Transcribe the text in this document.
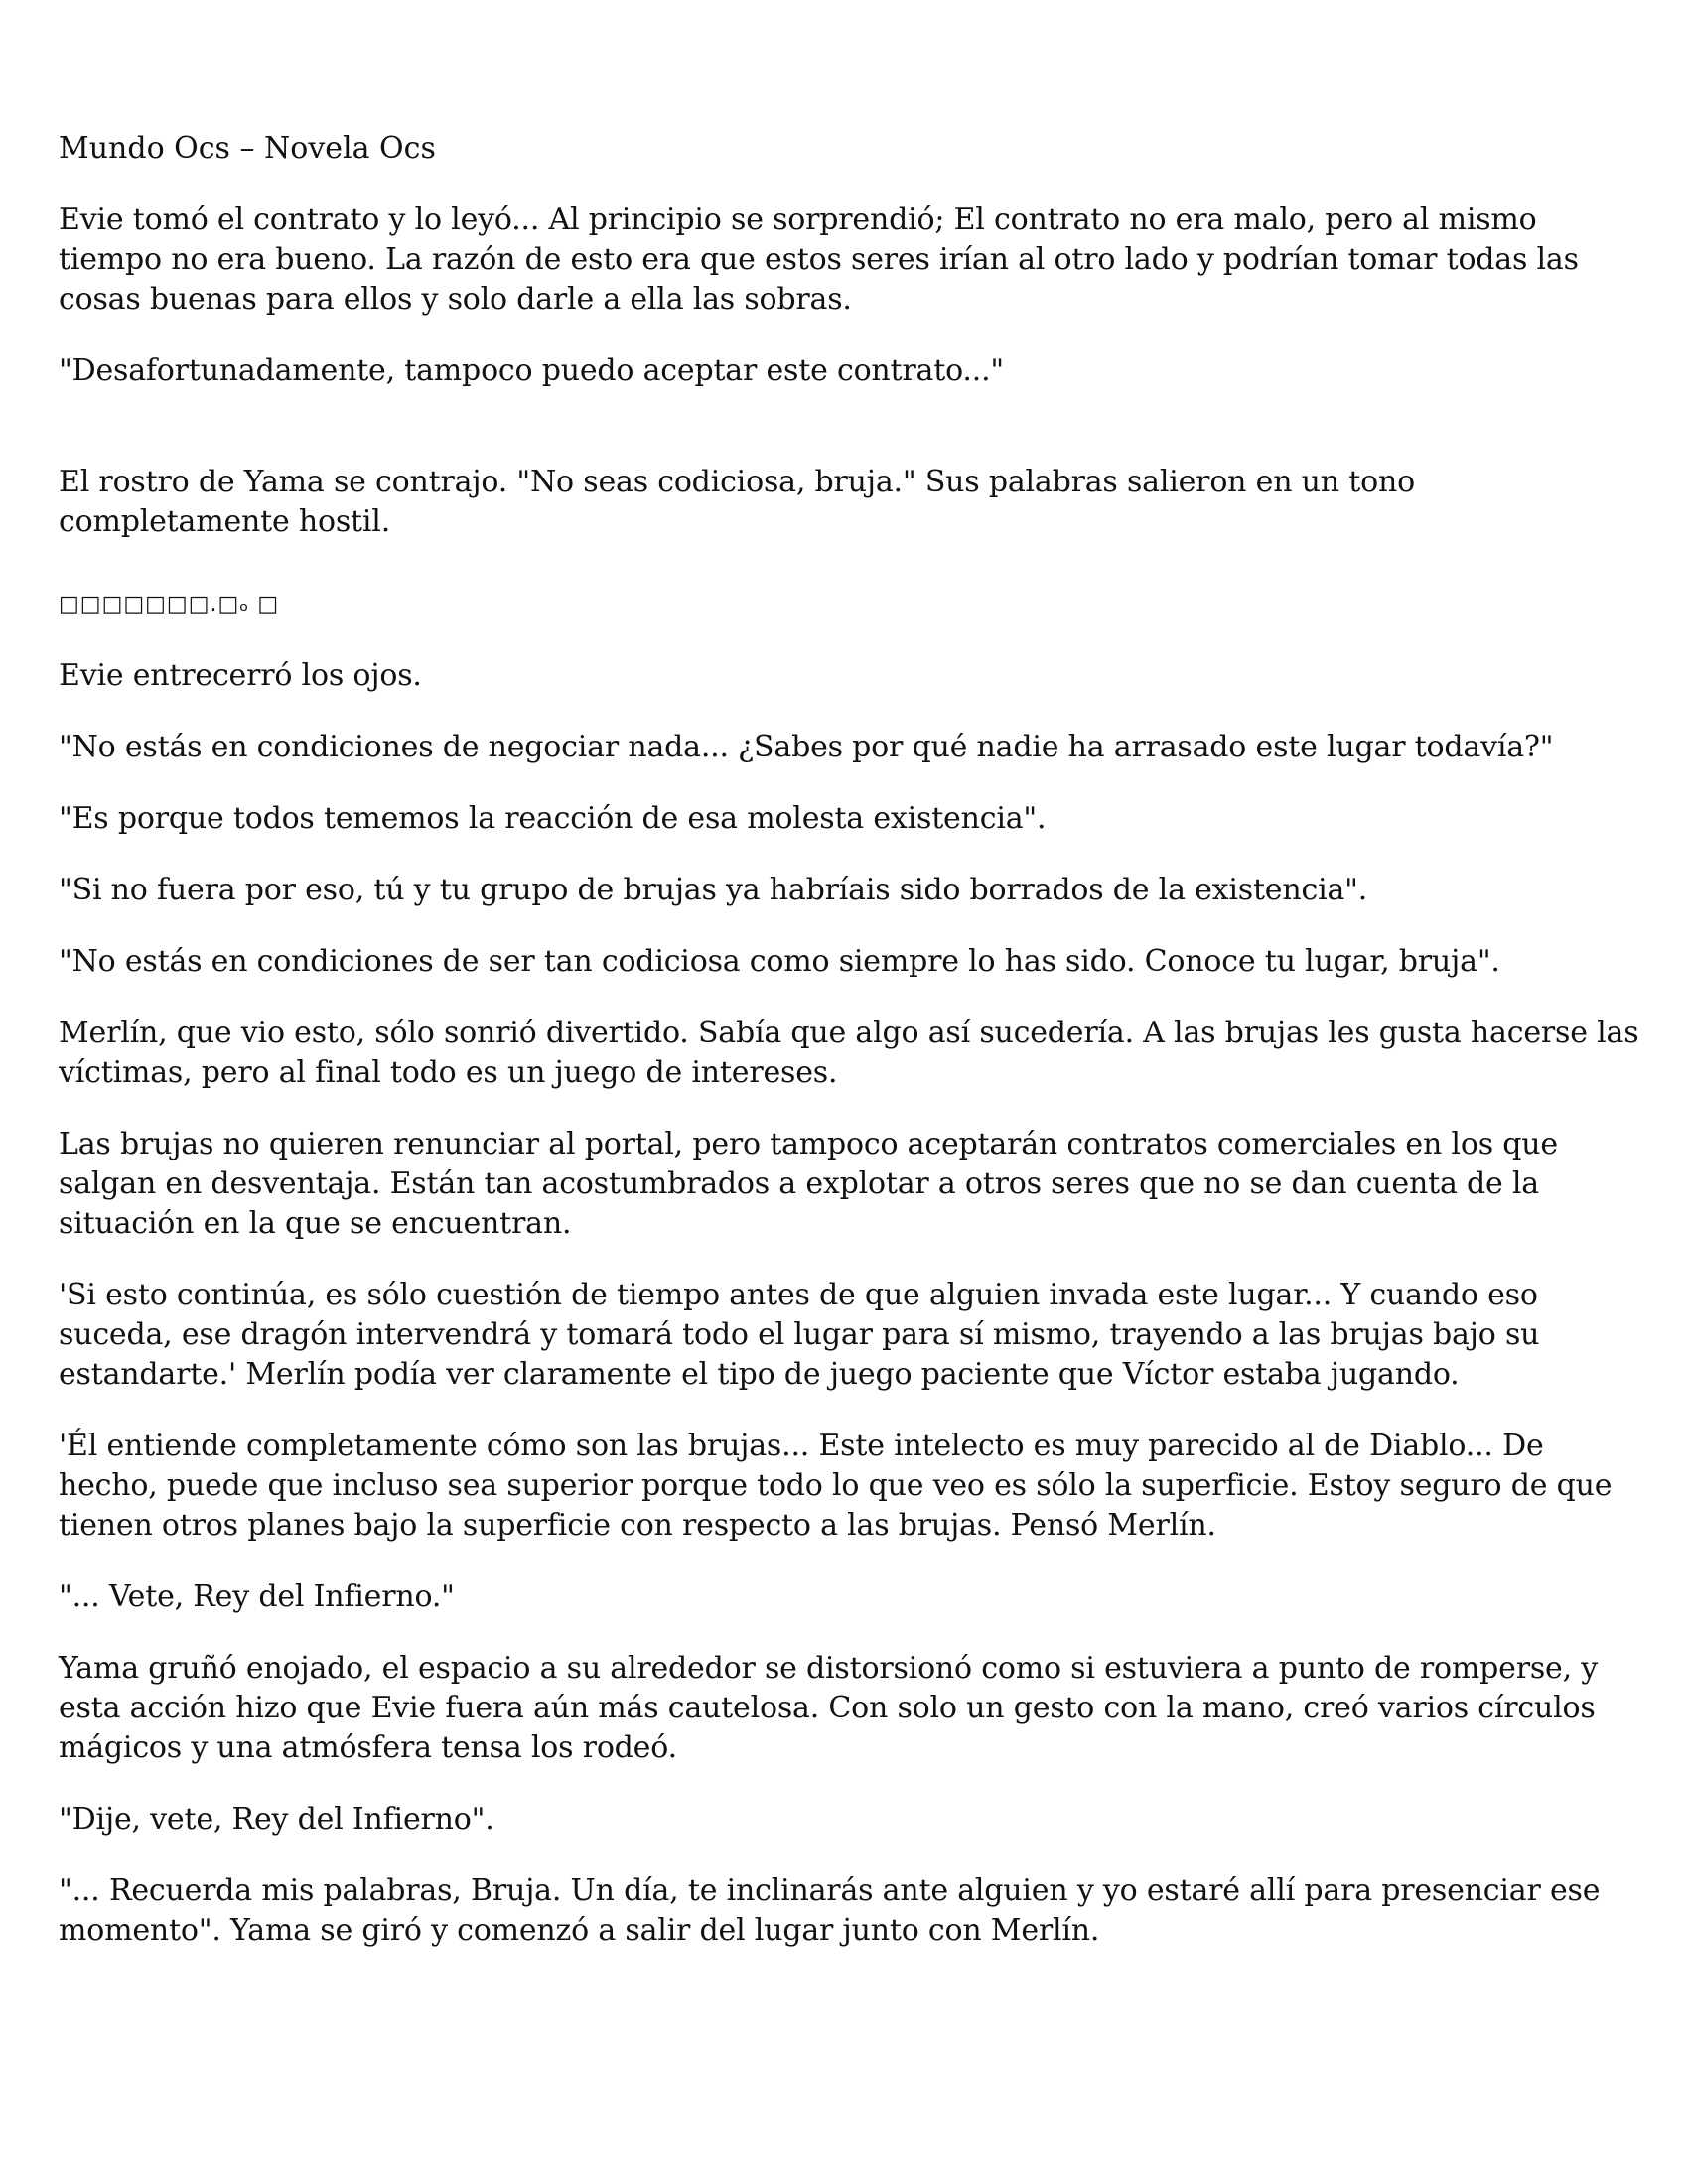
Mundo Ocs – Novela Ocs

Evie tomó el contrato y lo leyó... Al principio se sorprendió; El contrato no era malo, pero al mismo tiempo no era bueno. La razón de esto era que estos seres irían al otro lado y podrían tomar todas las cosas buenas para ellos y solo darle a ella las sobras.

"Desafortunadamente, tampoco puedo aceptar este contrato..."

El rostro de Yama se contrajo. "No seas codiciosa, bruja." Sus palabras salieron en un tono completamente hostil.

□□□□□□□.□ₒ □

Evie entrecerró los ojos.

"No estás en condiciones de negociar nada... ¿Sabes por qué nadie ha arrasado este lugar todavía?"

"Es porque todos tememos la reacción de esa molesta existencia".

"Si no fuera por eso, tú y tu grupo de brujas ya habríais sido borrados de la existencia".

"No estás en condiciones de ser tan codiciosa como siempre lo has sido. Conoce tu lugar, bruja".

Merlín, que vio esto, sólo sonrió divertido. Sabía que algo así sucedería. A las brujas les gusta hacerse las víctimas, pero al final todo es un juego de intereses.

Las brujas no quieren renunciar al portal, pero tampoco aceptarán contratos comerciales en los que salgan en desventaja. Están tan acostumbrados a explotar a otros seres que no se dan cuenta de la situación en la que se encuentran.

'Si esto continúa, es sólo cuestión de tiempo antes de que alguien invada este lugar... Y cuando eso suceda, ese dragón intervendrá y tomará todo el lugar para sí mismo, trayendo a las brujas bajo su estandarte.' Merlín podía ver claramente el tipo de juego paciente que Víctor estaba jugando.

'Él entiende completamente cómo son las brujas... Este intelecto es muy parecido al de Diablo... De hecho, puede que incluso sea superior porque todo lo que veo es sólo la superficie. Estoy seguro de que tienen otros planes bajo la superficie con respecto a las brujas. Pensó Merlín.

"... Vete, Rey del Infierno."

Yama gruñó enojado, el espacio a su alrededor se distorsionó como si estuviera a punto de romperse, y esta acción hizo que Evie fuera aún más cautelosa. Con solo un gesto con la mano, creó varios círculos mágicos y una atmósfera tensa los rodeó.

"Dije, vete, Rey del Infierno".

"... Recuerda mis palabras, Bruja. Un día, te inclinarás ante alguien y yo estaré allí para presenciar ese momento". Yama se giró y comenzó a salir del lugar junto con Merlín.
